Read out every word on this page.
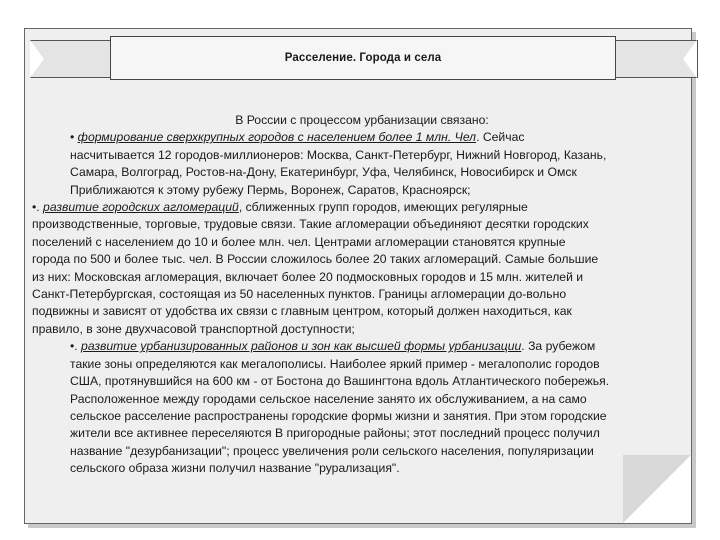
Расселение. Города и села
В России с процессом урбанизации связано:
• формирование сверхкрупных городов с населением более 1 млн. Чел. Сейчас
насчитывается 12 городов-миллионеров: Москва, Санкт-Петербург, Нижний Новгород, Казань,
Самара, Волгоград, Ростов-на-Дону, Екатеринбург, Уфа, Челябинск, Новосибирск и Омск
Приближаются к этому рубежу Пермь, Воронеж, Саратов, Красноярск;
•. развитие городских агломераций, сближенных групп городов, имеющих регулярные
производственные, торговые, трудовые связи. Такие агломерации объединяют десятки городских
поселений с населением до 10 и более млн. чел. Центрами агломерации становятся крупные
города по 500 и более тыс. чел. В России сложилось более 20 таких агломераций. Самые большие
из них: Московская агломерация, включает более 20 подмосковных городов и 15 млн. жителей и
Санкт-Петербургская, состоящая из 50 населенных пунктов. Границы агломерации до-вольно
подвижны и зависят от удобства их связи с главным центром, который должен находиться, как
правило, в зоне двухчасовой транспортной доступности;
•. развитие урбанизированных районов и зон как высшей формы урбанизации. За рубежом
такие зоны определяются как мегалополисы. Наиболее яркий пример - мегалополис городов
США, протянувшийся на 600 км - от Бостона до Вашингтона вдоль Атлантического побережья.
Расположенное между городами сельское население занято их обслуживанием, а на само
сельское расселение распространены городские формы жизни и занятия. При этом городские
жители все активнее переселяются В пригородные районы; этот последний процесс получил
название "дезурбанизации"; процесс увеличения роли сельского населения, популяризации
сельского образа жизни получил название "рурализация".
